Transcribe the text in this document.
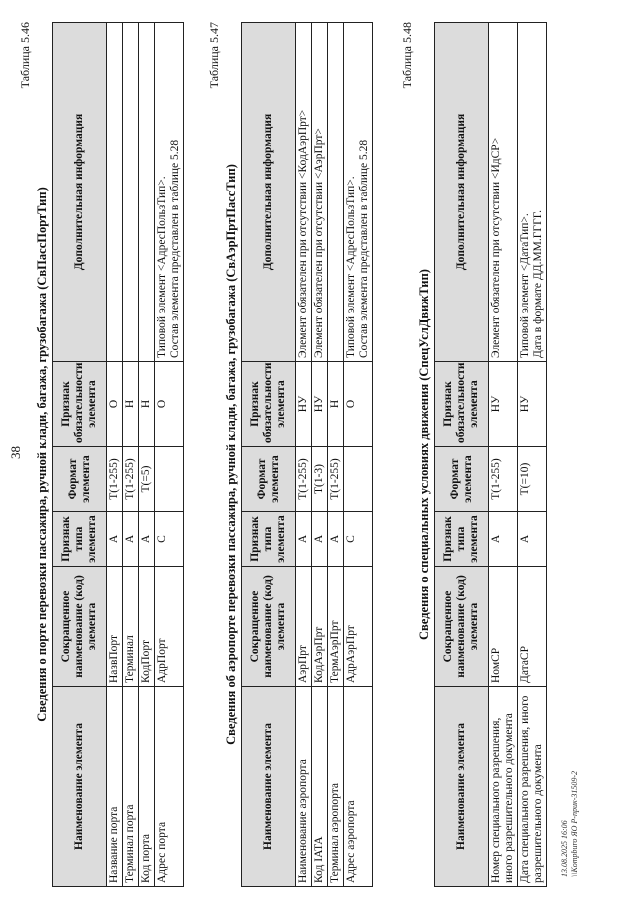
38
Таблица 5.46
Сведения о порте перевозки пассажира, ручной клади, багажа, грузобагажа (СвПассПортТип)
Наименование элемента	Сокращенное наименование (код) элемента	Признак типа элемента	Формат элемента	Признак обязательности элемента	Дополнительная информация
Название порта	НазвПорт	А	T(1-255)	О	
Терминал порта	Терминал	А	T(1-255)	Н	
Код порта	КодПорт	А	T(=5)	Н	
Адрес порта	АдрПорт	С		О	Типовой элемент <АдресПользТип>.
Состав элемента представлен в таблице 5.28
Таблица 5.47
Сведения об аэропорте перевозки пассажира, ручной клади, багажа, грузобагажа (СвАэрПртПассТип)
Наименование элемента	Сокращенное наименование (код) элемента	Признак типа элемента	Формат элемента	Признак обязательности элемента	Дополнительная информация
Наименование аэропорта	АэрПрт	А	T(1-255)	НУ	Элемент обязателен при отсутствии <КодАэрПрт>
Код IATA	КодАэрПрт	А	T(1-3)	НУ	Элемент обязателен при отсутствии <АэрПрт>
Терминал аэропорта	ТермАэрПрт	А	T(1-255)	Н	
Адрес аэропорта	АдрАэрПрт	С		О	Типовой элемент <АдресПользТип>.
Состав элемента представлен в таблице 5.28
Таблица 5.48
Сведения о специальных условиях движения (СпецУслДвижТип)
Наименование элемента	Сокращенное наименование (код) элемента	Признак типа элемента	Формат элемента	Признак обязательности элемента	Дополнительная информация
Номер специального разрешения, иного разрешительного документа	НомСР	А	T(1-255)	НУ	Элемент обязателен при отсутствии <ИдСР>
Дата специального разрешения, иного разрешительного документа	ДатаСР	А	T(=10)	НУ	Типовой элемент <ДатаТип>.
Дата в формате ДД.ММ.ГГГГ.
13.08.2025 16:06 \\Kompburo ЯО Р-прик-31509-2
